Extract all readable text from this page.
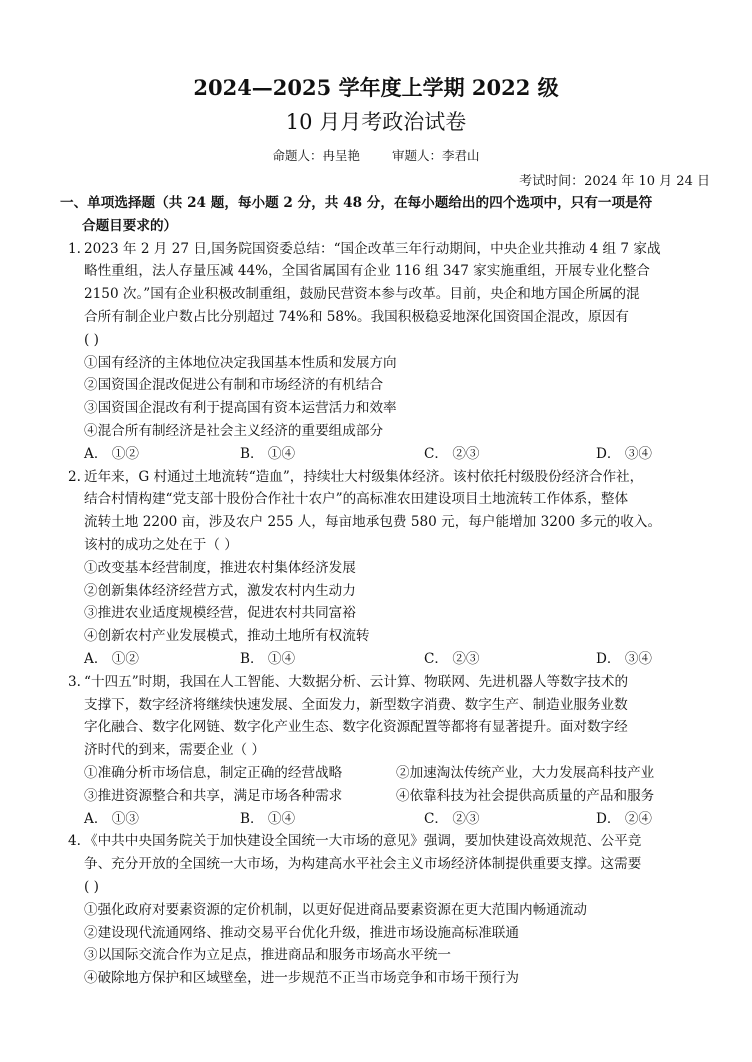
2024—2025 学年度上学期 2022 级
10 月月考政治试卷
命题人：冉呈艳	审题人：李君山
考试时间：2024 年 10 月 24 日
一、单项选择题（共 24 题，每小题 2 分，共 48 分，在每小题给出的四个选项中，只有一项是符
合题目要求的）
1. 2023 年 2 月 27 日,国务院国资委总结：“国企改革三年行动期间，中央企业共推动 4 组 7 家战
略性重组，法人存量压减 44%，全国省属国有企业 116 组 347 家实施重组，开展专业化整合
2150 次。”国有企业积极改制重组，鼓励民营资本参与改革。目前，央企和地方国企所属的混
合所有制企业户数占比分别超过 74%和 58%。我国积极稳妥地深化国资国企混改，原因有
( )
①国有经济的主体地位决定我国基本性质和发展方向
②国资国企混改促进公有制和市场经济的有机结合
③国资国企混改有利于提高国有资本运营活力和效率
④混合所有制经济是社会主义经济的重要组成部分
A． ①②	B． ①④	C． ②③	D． ③④
2. 近年来，G 村通过土地流转“造血”，持续壮大村级集体经济。该村依托村级股份经济合作社，
结合村情构建“党支部十股份合作社十农户”的高标准农田建设项目土地流转工作体系，整体
流转土地 2200 亩，涉及农户 255 人，每亩地承包费 580 元，每户能增加 3200 多元的收入。
该村的成功之处在于（ ）
①改变基本经营制度，推进农村集体经济发展
②创新集体经济经营方式，激发农村内生动力
③推进农业适度规模经营，促进农村共同富裕
④创新农村产业发展模式，推动土地所有权流转
A． ①②	B． ①④	C． ②③	D． ③④
3. “十四五”时期，我国在人工智能、大数据分析、云计算、物联网、先进机器人等数字技术的
支撑下，数字经济将继续快速发展、全面发力，新型数字消费、数字生产、制造业服务业数
字化融合、数字化网链、数字化产业生态、数字化资源配置等都将有显著提升。面对数字经
济时代的到来，需要企业（ ）
①准确分析市场信息，制定正确的经营战略	②加速淘汰传统产业，大力发展高科技产业
③推进资源整合和共享，满足市场各种需求	④依靠科技为社会提供高质量的产品和服务
A． ①③	B． ①④	C． ②③	D． ②④
4. 《中共中央国务院关于加快建设全国统一大市场的意见》强调，要加快建设高效规范、公平竞
争、充分开放的全国统一大市场，为构建高水平社会主义市场经济体制提供重要支撑。这需要
( )
①强化政府对要素资源的定价机制，以更好促进商品要素资源在更大范围内畅通流动
②建设现代流通网络、推动交易平台优化升级，推进市场设施高标准联通
③以国际交流合作为立足点，推进商品和服务市场高水平统一
④破除地方保护和区域壁垒，进一步规范不正当市场竞争和市场干预行为
